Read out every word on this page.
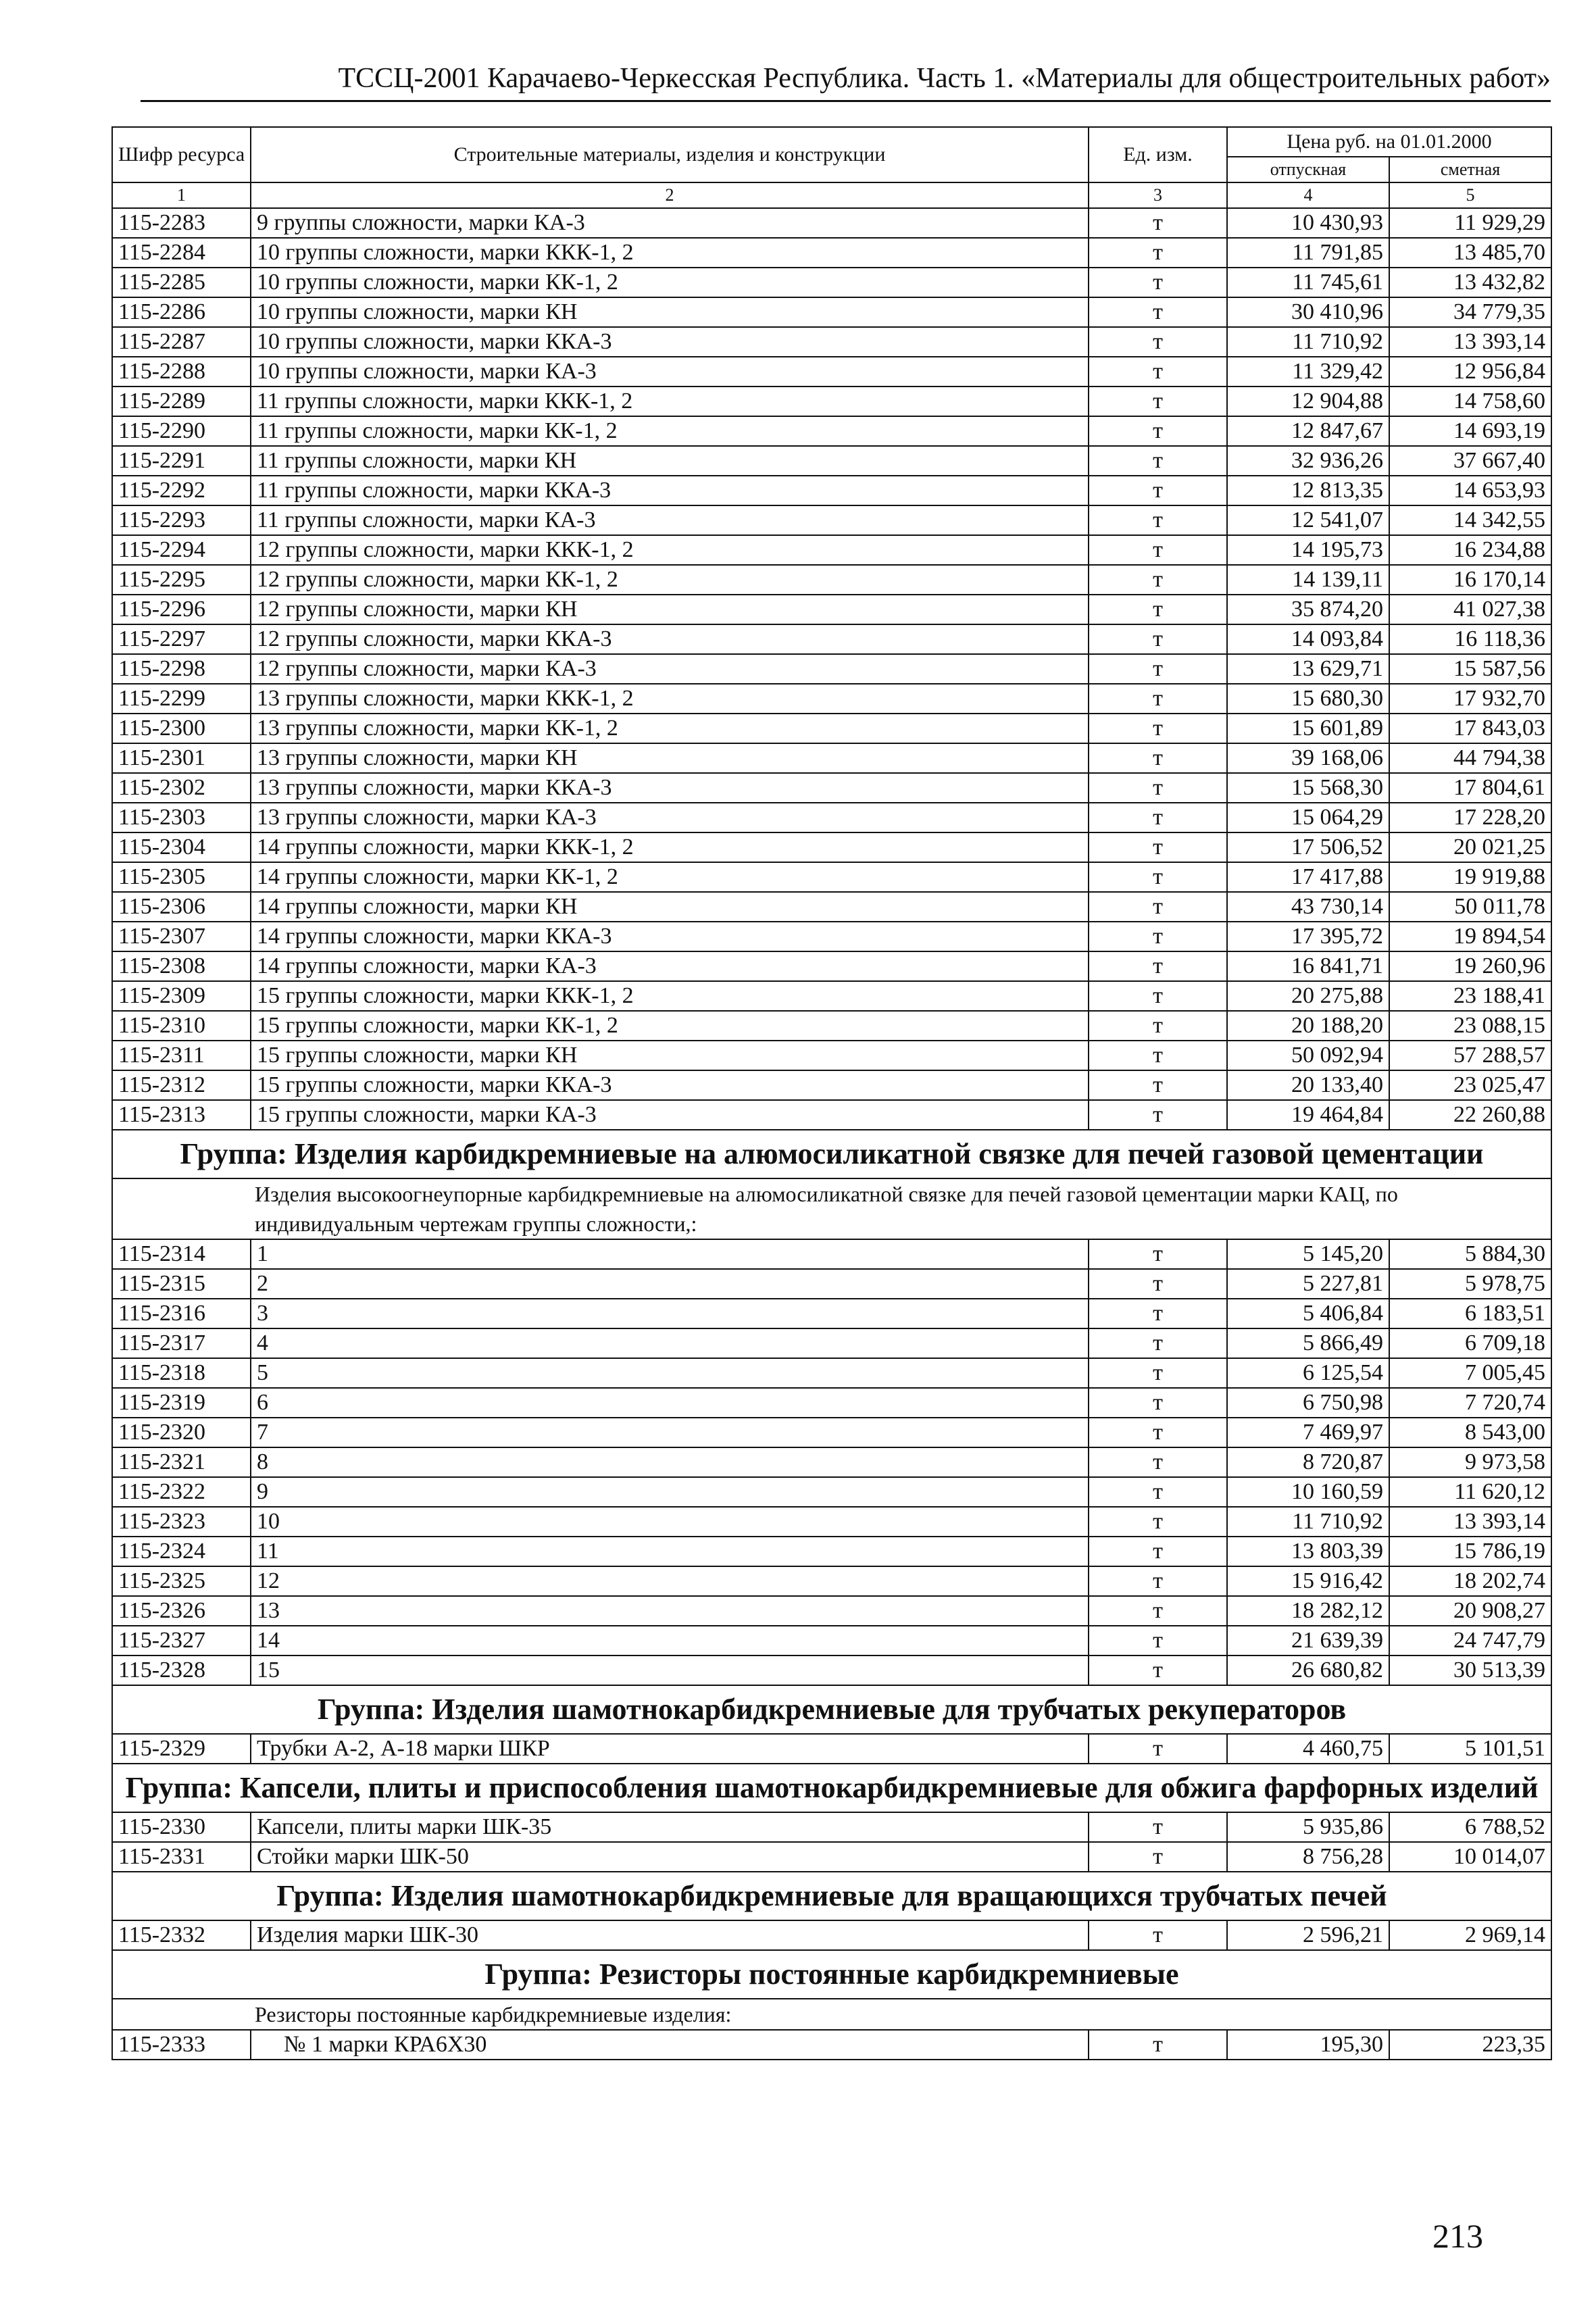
ТССЦ-2001 Карачаево-Черкесская Республика. Часть 1. «Материалы для общестроительных работ»
Шифр ресурса	Строительные материалы, изделия и конструкции	Ед. изм.	Цена руб. на 01.01.2000	
			отпускная	сметная
1	2	3	4	5
115-2283	9 группы сложности, марки КА-3	т	10 430,93	11 929,29
115-2284	10 группы сложности, марки ККК-1, 2	т	11 791,85	13 485,70
115-2285	10 группы сложности, марки КК-1, 2	т	11 745,61	13 432,82
115-2286	10 группы сложности, марки КН	т	30 410,96	34 779,35
115-2287	10 группы сложности, марки ККА-3	т	11 710,92	13 393,14
115-2288	10 группы сложности, марки КА-3	т	11 329,42	12 956,84
115-2289	11 группы сложности, марки ККК-1, 2	т	12 904,88	14 758,60
115-2290	11 группы сложности, марки КК-1, 2	т	12 847,67	14 693,19
115-2291	11 группы сложности, марки КН	т	32 936,26	37 667,40
115-2292	11 группы сложности, марки ККА-3	т	12 813,35	14 653,93
115-2293	11 группы сложности, марки КА-3	т	12 541,07	14 342,55
115-2294	12 группы сложности, марки ККК-1, 2	т	14 195,73	16 234,88
115-2295	12 группы сложности, марки КК-1, 2	т	14 139,11	16 170,14
115-2296	12 группы сложности, марки КН	т	35 874,20	41 027,38
115-2297	12 группы сложности, марки ККА-3	т	14 093,84	16 118,36
115-2298	12 группы сложности, марки КА-3	т	13 629,71	15 587,56
115-2299	13 группы сложности, марки ККК-1, 2	т	15 680,30	17 932,70
115-2300	13 группы сложности, марки КК-1, 2	т	15 601,89	17 843,03
115-2301	13 группы сложности, марки КН	т	39 168,06	44 794,38
115-2302	13 группы сложности, марки ККА-3	т	15 568,30	17 804,61
115-2303	13 группы сложности, марки КА-3	т	15 064,29	17 228,20
115-2304	14 группы сложности, марки ККК-1, 2	т	17 506,52	20 021,25
115-2305	14 группы сложности, марки КК-1, 2	т	17 417,88	19 919,88
115-2306	14 группы сложности, марки КН	т	43 730,14	50 011,78
115-2307	14 группы сложности, марки ККА-3	т	17 395,72	19 894,54
115-2308	14 группы сложности, марки КА-3	т	16 841,71	19 260,96
115-2309	15 группы сложности, марки ККК-1, 2	т	20 275,88	23 188,41
115-2310	15 группы сложности, марки КК-1, 2	т	20 188,20	23 088,15
115-2311	15 группы сложности, марки КН	т	50 092,94	57 288,57
115-2312	15 группы сложности, марки ККА-3	т	20 133,40	23 025,47
115-2313	15 группы сложности, марки КА-3	т	19 464,84	22 260,88
Группа: Изделия карбидкремниевые на алюмосиликатной связке для печей газовой цементации				
Изделия высокоогнеупорные карбидкремниевые на алюмосиликатной связке для печей газовой цементации марки КАЦ, по индивидуальным чертежам группы сложности,:				
115-2314	1	т	5 145,20	5 884,30
115-2315	2	т	5 227,81	5 978,75
115-2316	3	т	5 406,84	6 183,51
115-2317	4	т	5 866,49	6 709,18
115-2318	5	т	6 125,54	7 005,45
115-2319	6	т	6 750,98	7 720,74
115-2320	7	т	7 469,97	8 543,00
115-2321	8	т	8 720,87	9 973,58
115-2322	9	т	10 160,59	11 620,12
115-2323	10	т	11 710,92	13 393,14
115-2324	11	т	13 803,39	15 786,19
115-2325	12	т	15 916,42	18 202,74
115-2326	13	т	18 282,12	20 908,27
115-2327	14	т	21 639,39	24 747,79
115-2328	15	т	26 680,82	30 513,39
Группа: Изделия шамотнокарбидкремниевые для трубчатых рекуператоров				
115-2329	Трубки А-2, А-18 марки ШКР	т	4 460,75	5 101,51
Группа: Капсели, плиты и приспособления шамотнокарбидкремниевые для обжига фарфорных изделий				
115-2330	Капсели, плиты марки ШК-35	т	5 935,86	6 788,52
115-2331	Стойки марки ШК-50	т	8 756,28	10 014,07
Группа: Изделия шамотнокарбидкремниевые для вращающихся трубчатых печей				
115-2332	Изделия марки ШК-30	т	2 596,21	2 969,14
Группа: Резисторы постоянные карбидкремниевые				
Резисторы постоянные карбидкремниевые изделия:				
115-2333	№ 1 марки КРА6Х30	т	195,30	223,35
213
